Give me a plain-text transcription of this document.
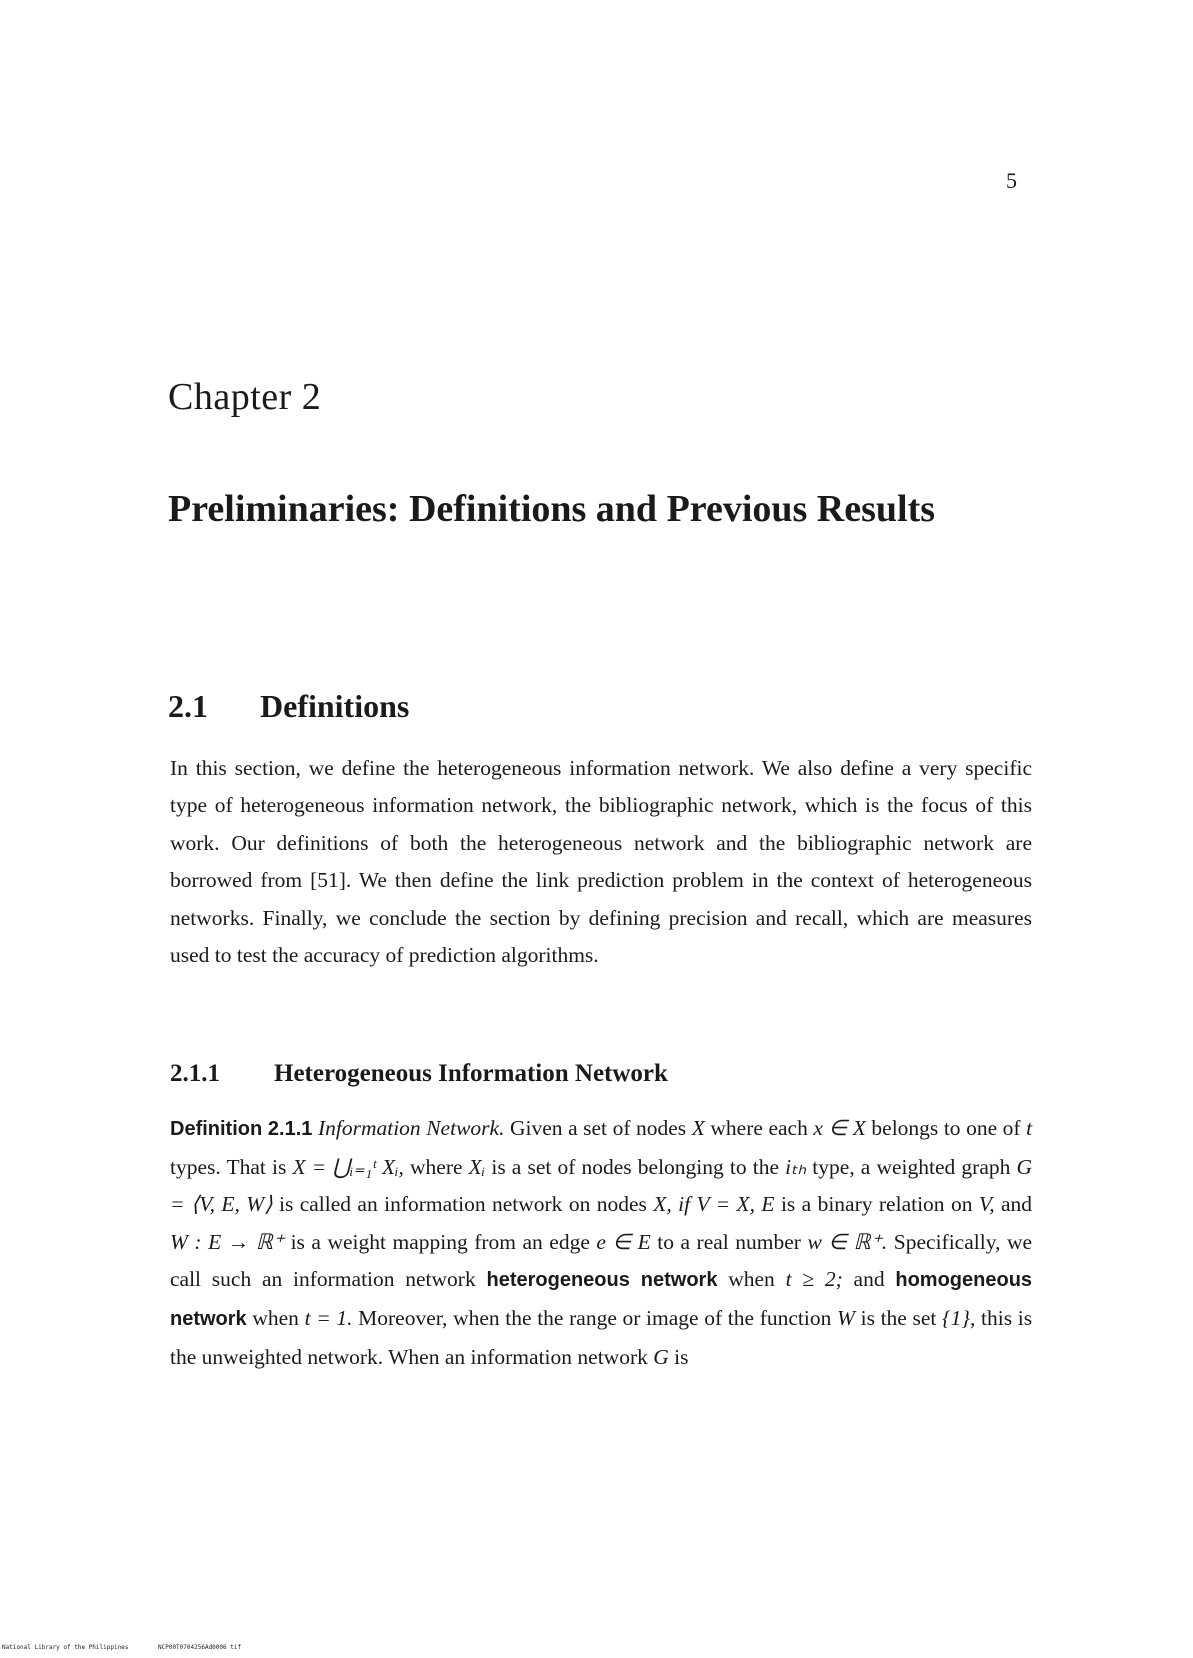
5
Chapter 2
Preliminaries: Definitions and Previous Results
2.1 Definitions

In this section, we define the heterogeneous information network. We also define a very specific type of heterogeneous information network, the bibliographic network, which is the focus of this work. Our definitions of both the heterogeneous network and the bibliographic network are borrowed from [51]. We then define the link prediction problem in the context of heterogeneous networks. Finally, we conclude the section by defining precision and recall, which are measures used to test the accuracy of prediction algorithms.

2.1.1 Heterogeneous Information Network

Definition 2.1.1 Information Network. Given a set of nodes X where each x ∈ X belongs to one of t types. That is X = ⋃ᵢ₌₁ᵗ Xᵢ, where Xᵢ is a set of nodes belonging to the iₜₕ type, a weighted graph G = ⟨V, E, W⟩ is called an information network on nodes X, if V = X, E is a binary relation on V, and W : E → ℝ⁺ is a weight mapping from an edge e ∈ E to a real number w ∈ ℝ⁺. Specifically, we call such an information network heterogeneous network when t ≥ 2; and homogeneous network when t = 1. Moreover, when the the range or image of the function W is the set {1}, this is the unweighted network. When an information network G is

National Library of the Philippines	NCP00T0704256Ad0006 tif
